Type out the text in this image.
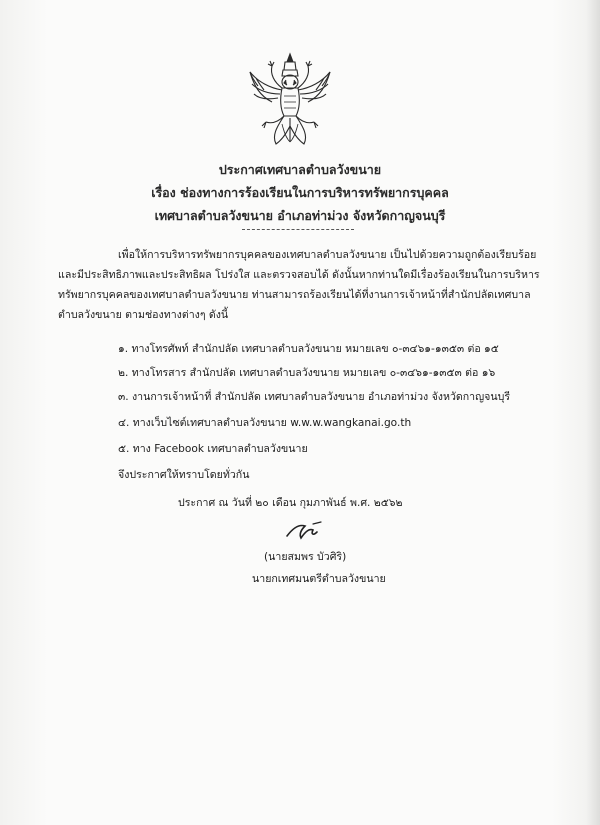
ประกาศเทศบาลตำบลวังขนาย
เรื่อง ช่องทางการร้องเรียนในการบริหารทรัพยากรบุคคล
เทศบาลตำบลวังขนาย อำเภอท่าม่วง จังหวัดกาญจนบุรี
เพื่อให้การบริหารทรัพยากรบุคคลของเทศบาลตำบลวังขนาย เป็นไปด้วยความถูกต้องเรียบร้อย
และมีประสิทธิภาพและประสิทธิผล โปร่งใส และตรวจสอบได้ ดังนั้นหากท่านใดมีเรื่องร้องเรียนในการบริหาร
ทรัพยากรบุคคลของเทศบาลตำบลวังขนาย ท่านสามารถร้องเรียนได้ที่งานการเจ้าหน้าที่สำนักปลัดเทศบาล
ตำบลวังขนาย ตามช่องทางต่างๆ ดังนี้
๑. ทางโทรศัพท์ สำนักปลัด เทศบาลตำบลวังขนาย หมายเลข ๐-๓๔๖๑-๑๓๕๓ ต่อ ๑๕
๒. ทางโทรสาร สำนักปลัด เทศบาลตำบลวังขนาย หมายเลข ๐-๓๔๖๑-๑๓๕๓ ต่อ ๑๖
๓. งานการเจ้าหน้าที่ สำนักปลัด เทศบาลตำบลวังขนาย อำเภอท่าม่วง จังหวัดกาญจนบุรี
๔. ทางเว็บไซต์เทศบาลตำบลวังขนาย w.w.w.wangkanai.go.th
๕. ทาง Facebook เทศบาลตำบลวังขนาย
จึงประกาศให้ทราบโดยทั่วกัน
ประกาศ ณ วันที่ ๒๐ เดือน กุมภาพันธ์ พ.ศ. ๒๕๖๒
(นายสมพร บัวศิริ)
นายกเทศมนตรีตำบลวังขนาย
